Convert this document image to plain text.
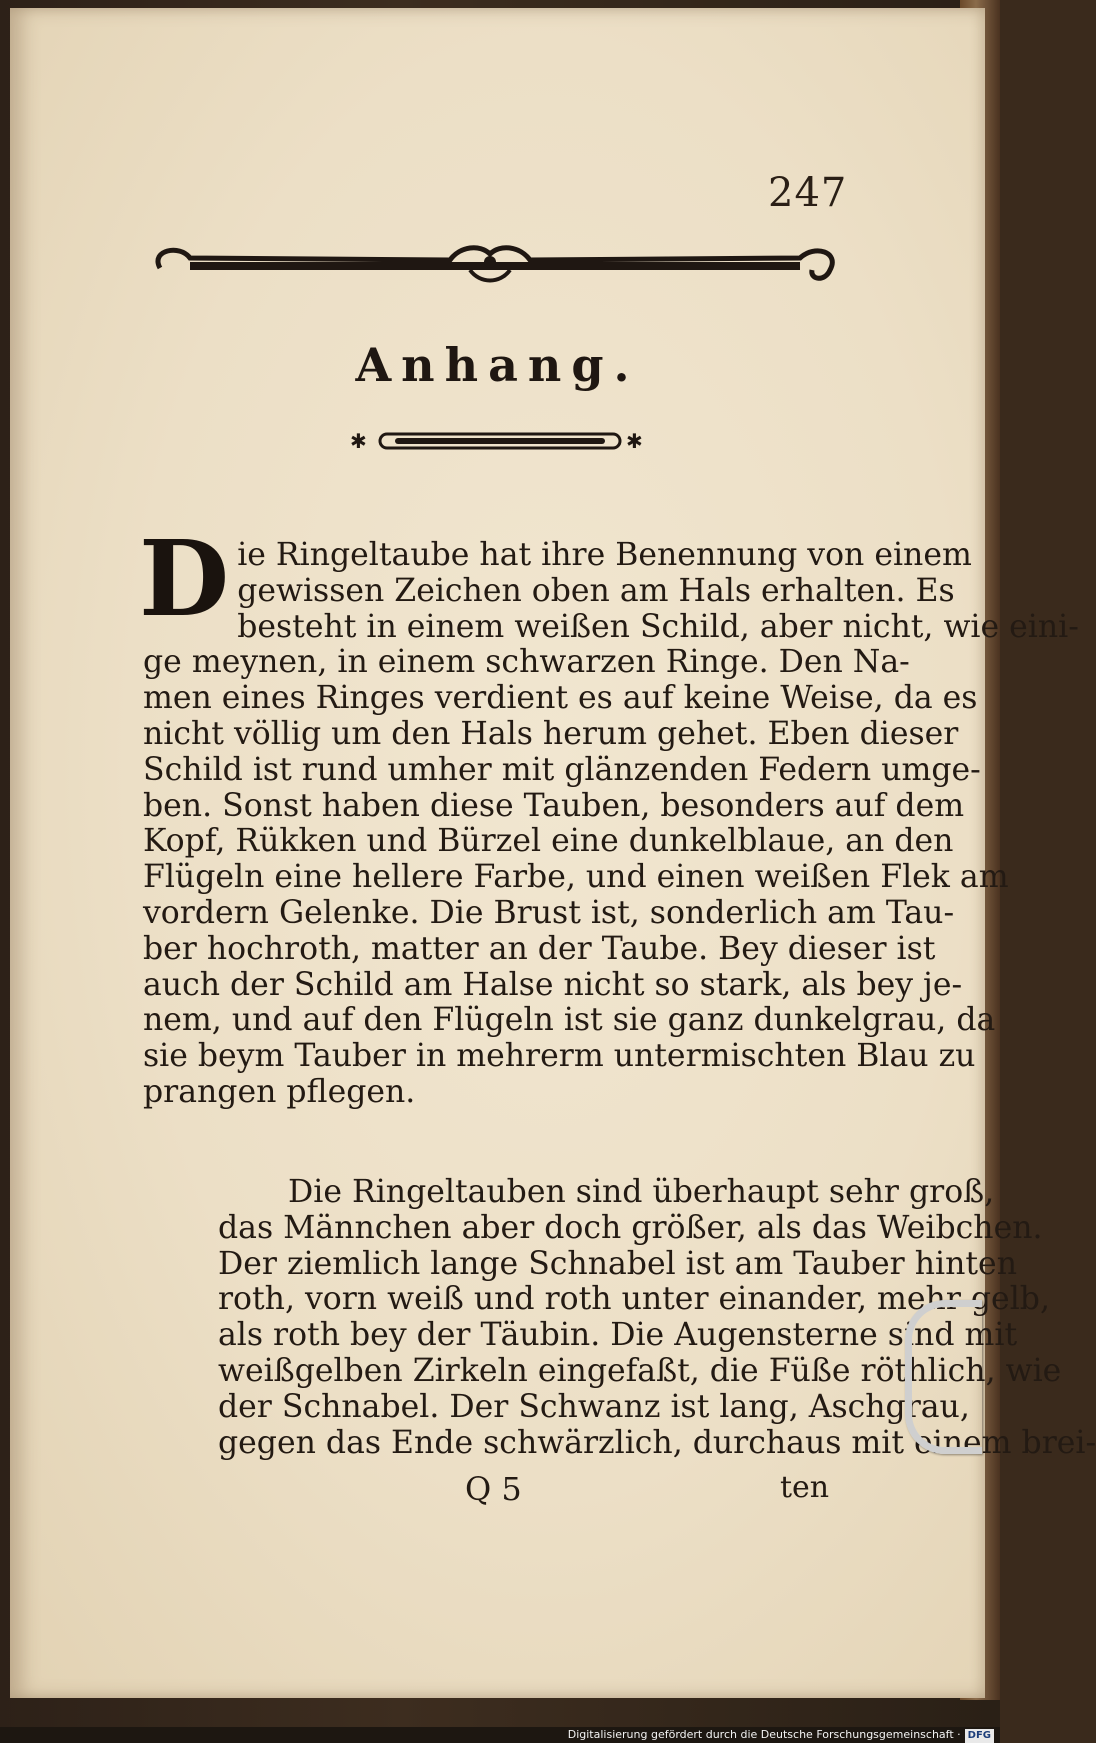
247
Anhang.
✱	✱
D ie Ringeltaube hat ihre Benennung von einem
gewissen Zeichen oben am Hals erhalten. Es
besteht in einem weißen Schild, aber nicht, wie eini-
ge meynen, in einem schwarzen Ringe. Den Na-
men eines Ringes verdient es auf keine Weise, da es
nicht völlig um den Hals herum gehet. Eben dieser
Schild ist rund umher mit glänzenden Federn umge-
ben. Sonst haben diese Tauben, besonders auf dem
Kopf, Rükken und Bürzel eine dunkelblaue, an den
Flügeln eine hellere Farbe, und einen weißen Flek am
vordern Gelenke. Die Brust ist, sonderlich am Tau-
ber hochroth, matter an der Taube. Bey dieser ist
auch der Schild am Halse nicht so stark, als bey je-
nem, und auf den Flügeln ist sie ganz dunkelgrau, da
sie beym Tauber in mehrerm untermischten Blau zu
prangen pflegen.
Die Ringeltauben sind überhaupt sehr groß,
das Männchen aber doch größer, als das Weibchen.
Der ziemlich lange Schnabel ist am Tauber hinten
roth, vorn weiß und roth unter einander, mehr gelb,
als roth bey der Täubin. Die Augensterne sind mit
weißgelben Zirkeln eingefaßt, die Füße röthlich, wie
der Schnabel. Der Schwanz ist lang, Aschgrau,
gegen das Ende schwärzlich, durchaus mit einem brei-
Q 5	ten
Digitalisierung gefördert durch die Deutsche Forschungsgemeinschaft · DFG
